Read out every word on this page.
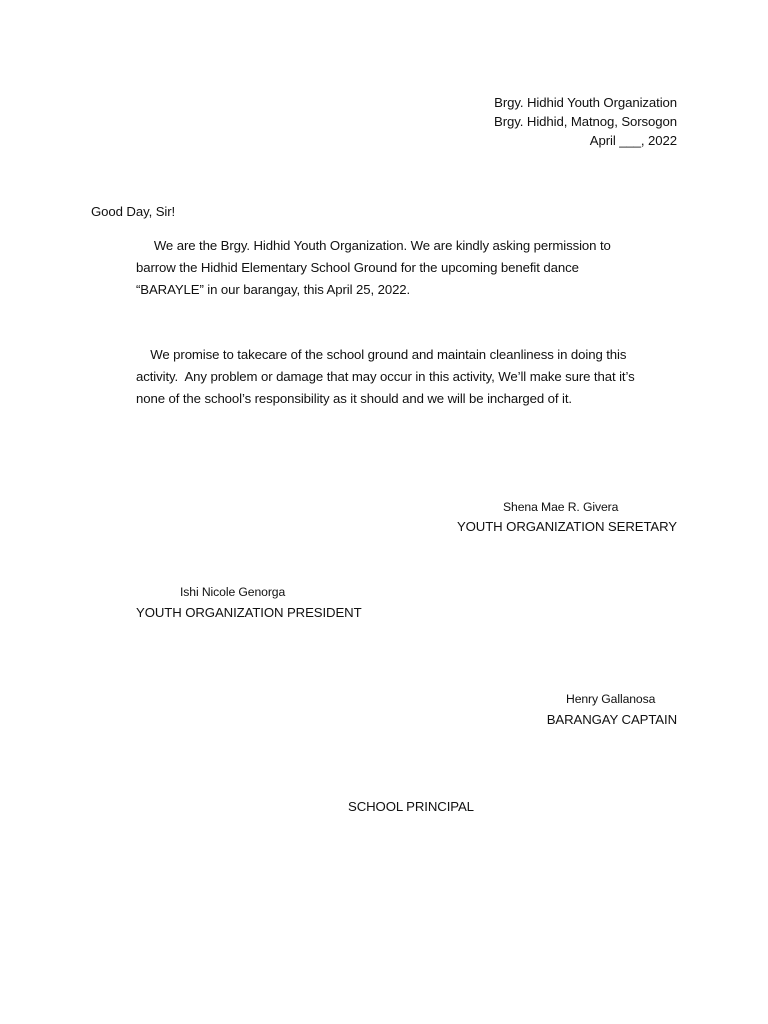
Brgy. Hidhid Youth Organization
Brgy. Hidhid, Matnog, Sorsogon
April ___, 2022
Good Day, Sir!
We are the Brgy. Hidhid Youth Organization. We are kindly asking permission to
barrow the Hidhid Elementary School Ground for the upcoming benefit dance
“BARAYLE” in our barangay, this April 25, 2022.
We promise to takecare of the school ground and maintain cleanliness in doing this
activity.  Any problem or damage that may occur in this activity, We’ll make sure that it’s
none of the school’s responsibility as it should and we will be incharged of it.
Shena Mae R. Givera
YOUTH ORGANIZATION SERETARY
Ishi Nicole Genorga
YOUTH ORGANIZATION PRESIDENT
Henry Gallanosa
BARANGAY CAPTAIN
SCHOOL PRINCIPAL
